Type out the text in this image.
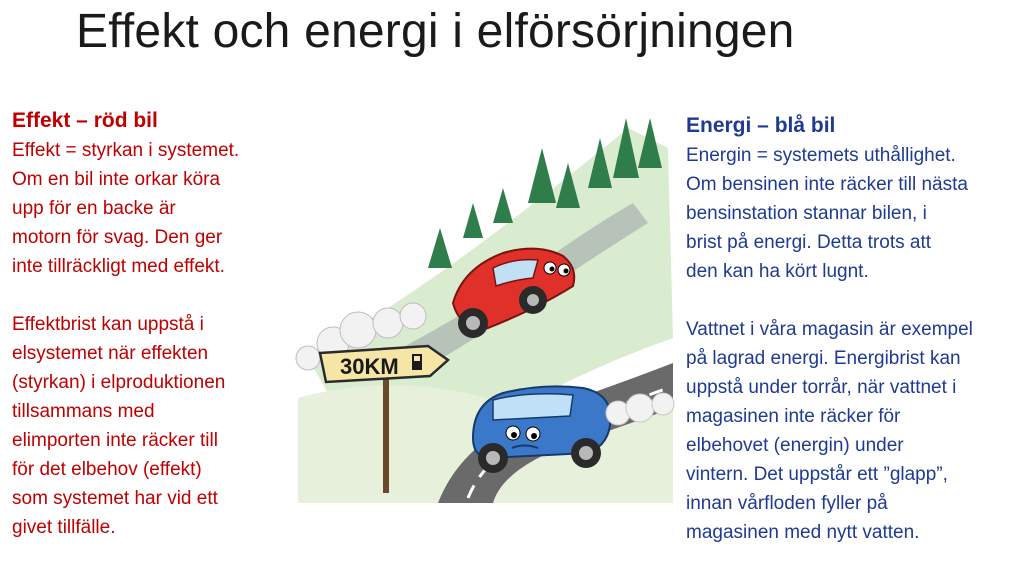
Effekt och energi i elförsörjningen
Effekt – röd bil

Effekt = styrkan i systemet.

Om en bil inte orkar köra

upp för en backe är

motorn för svag. Den ger

inte tillräckligt med effekt.

Effektbrist kan uppstå i

elsystemet när effekten

(styrkan) i elproduktionen

tillsammans med

elimporten inte räcker till

för det elbehov (effekt)

som systemet har vid ett

givet tillfälle.

Energi – blå bil

Energin = systemets uthållighet.

Om bensinen inte räcker till nästa

bensinstation stannar bilen, i

brist på energi. Detta trots att

den kan ha kört lugnt.

Vattnet i våra magasin är exempel

på lagrad energi. Energibrist kan

uppstå under torrår, när vattnet i

magasinen inte räcker för

elbehovet (energin) under

vintern. Det uppstår ett ”glapp”,

innan vårfloden fyller på

magasinen med nytt vatten.

30KM
